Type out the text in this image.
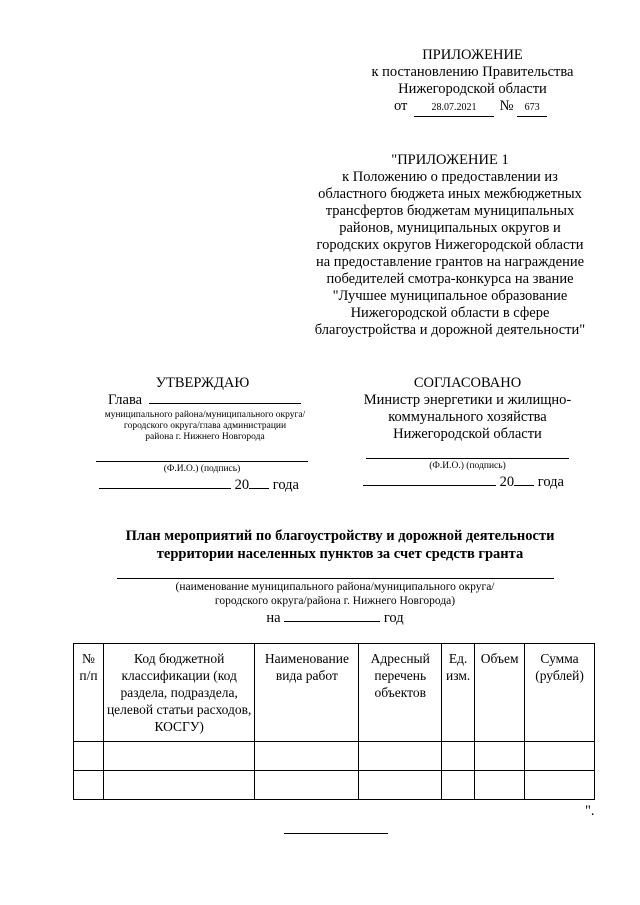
ПРИЛОЖЕНИЕ
к постановлению Правительства
Нижегородской области
от 28.07.2021 № 673
"ПРИЛОЖЕНИЕ 1
к Положению о предоставлении из
областного бюджета иных межбюджетных
трансфертов бюджетам муниципальных
районов, муниципальных округов и
городских округов Нижегородской области
на предоставление грантов на награждение
победителей смотра-конкурса на звание
"Лучшее муниципальное образование
Нижегородской области в сфере
благоустройства и дорожной деятельности"
УТВЕРЖДАЮ
Глава
муниципального района/муниципального округа/
городского округа/глава администрации
района г. Нижнего Новгорода
(Ф.И.О.) (подпись)
20 года
СОГЛАСОВАНО
Министр энергетики и жилищно-
коммунального хозяйства
Нижегородской области
(Ф.И.О.) (подпись)
20 года
План мероприятий по благоустройству и дорожной деятельности
территории населенных пунктов за счет средств гранта
(наименование муниципального района/муниципального округа/
городского округа/района г. Нижнего Новгорода)
на	год
№ п/п	Код бюджетной классификации (код раздела, подраздела, целевой статьи расходов, КОСГУ)	Наименование вида работ	Адресный перечень объектов	Ед. изм.	Объем	Сумма (рублей)

".
